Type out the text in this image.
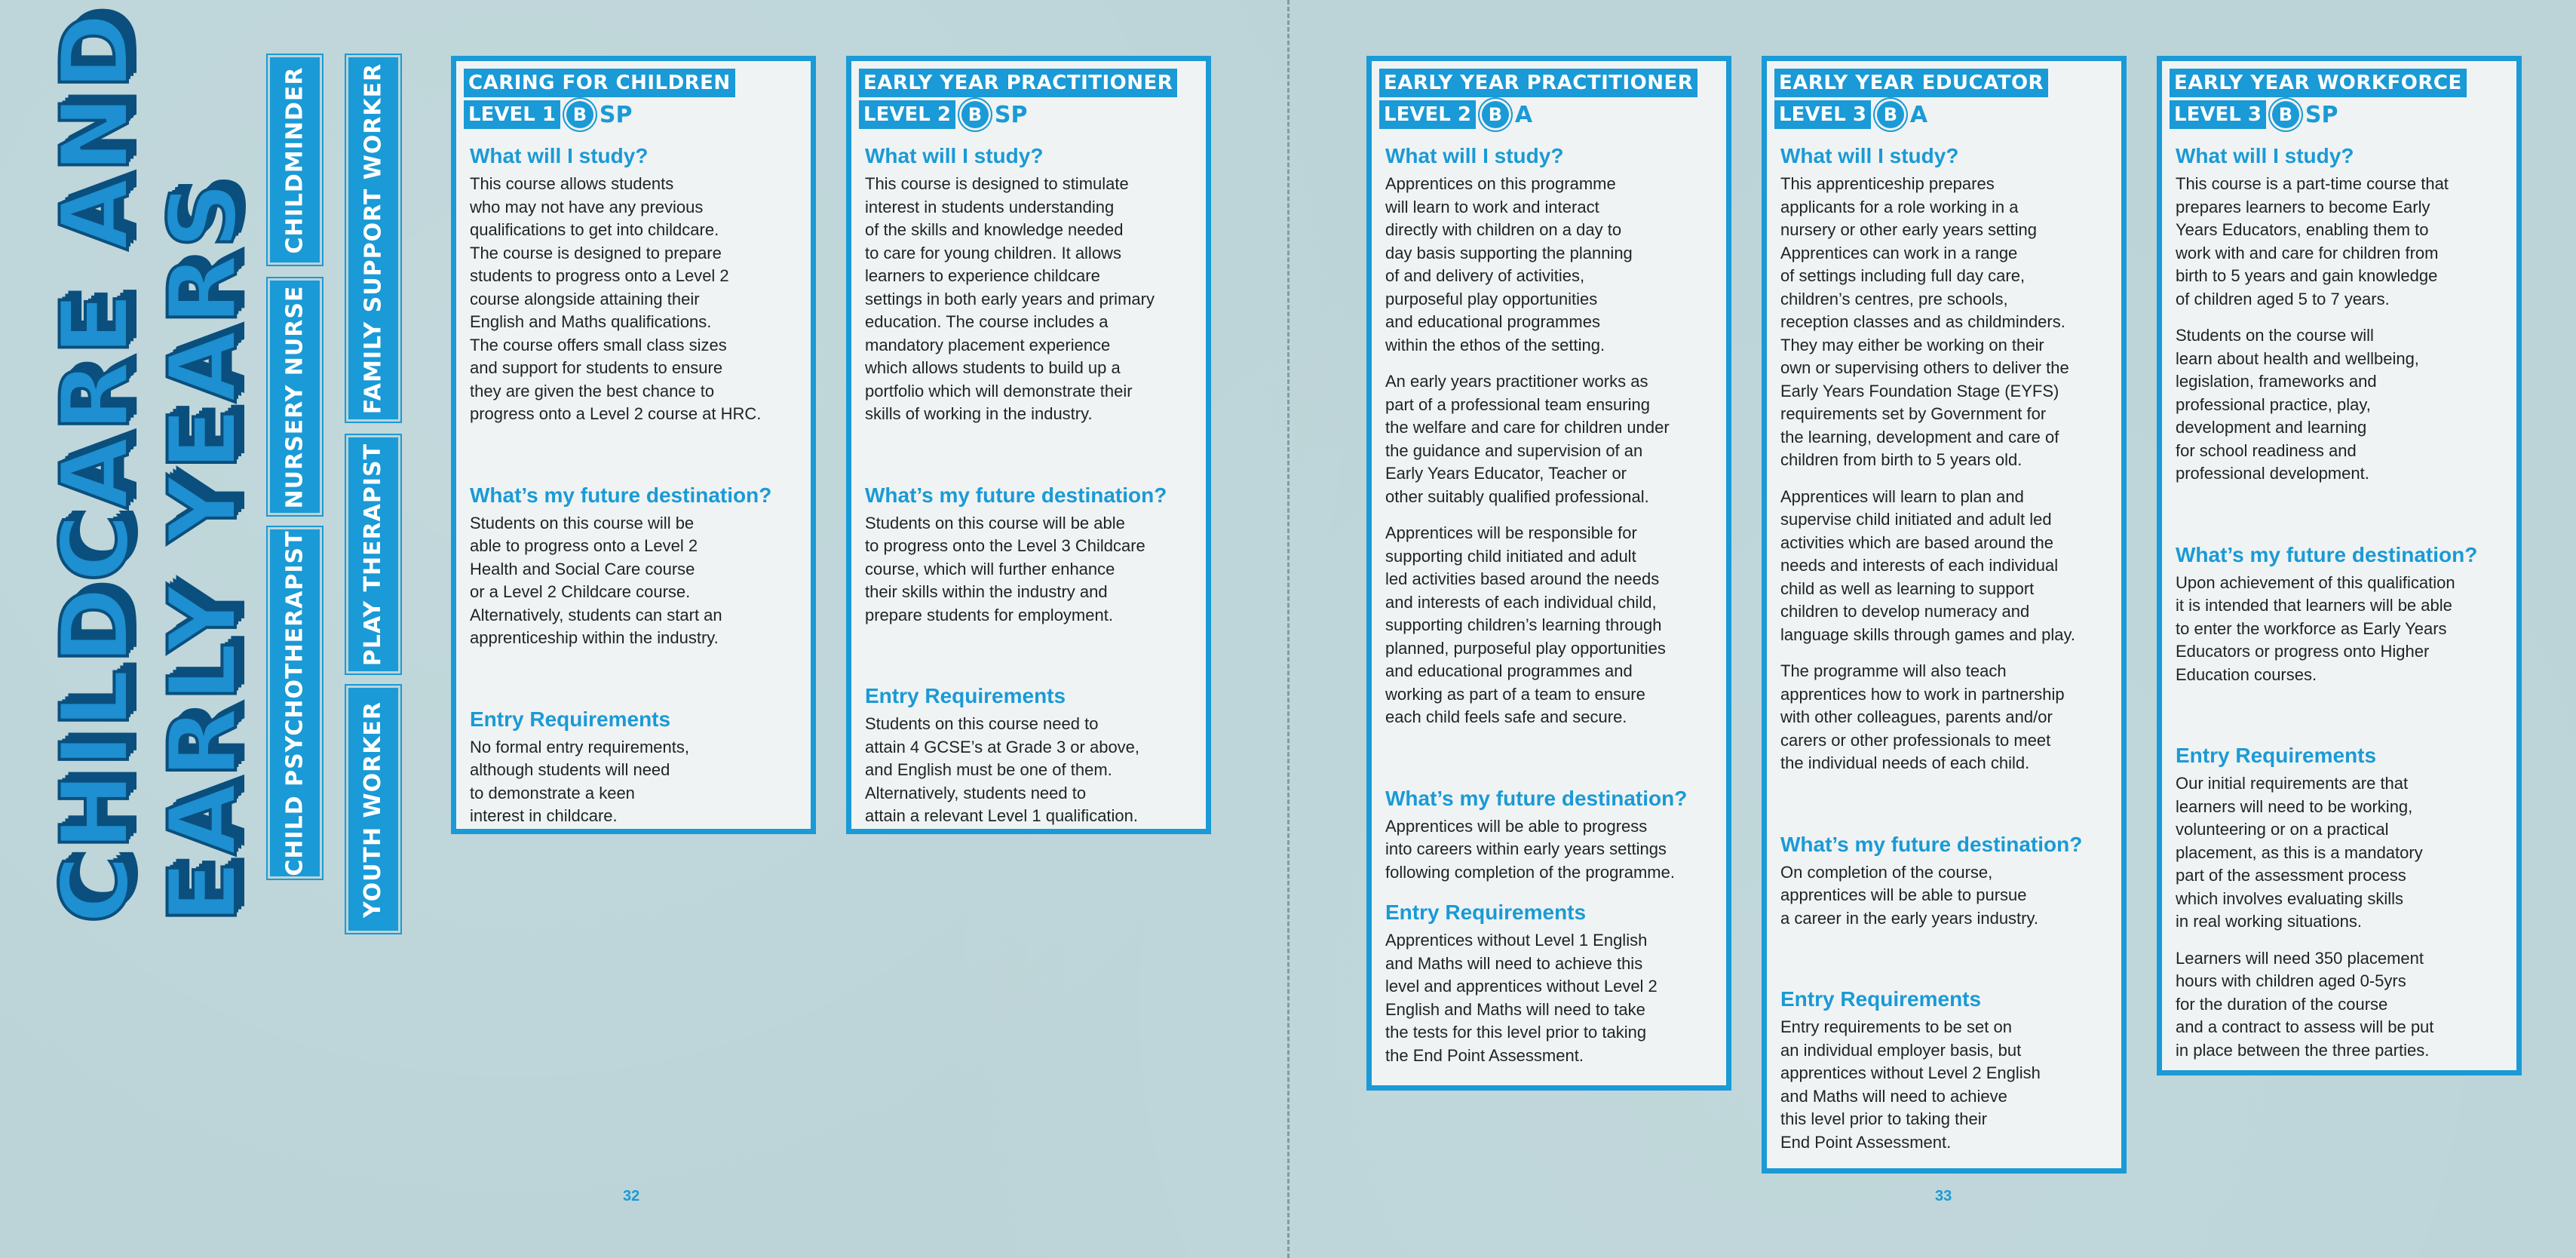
CHILDCARE AND EARLY YEARS
CHILDMINDER
NURSERY NURSE
CHILD PSYCHOTHERAPIST
FAMILY SUPPORT WORKER
PLAY THERAPIST
YOUTH WORKER
CARING FOR CHILDREN
LEVEL 1 B SP
What will I study?

This course allows students
who may not have any previous
qualifications to get into childcare.
The course is designed to prepare
students to progress onto a Level 2
course alongside attaining their
English and Maths qualifications.
The course offers small class sizes
and support for students to ensure
they are given the best chance to
progress onto a Level 2 course at HRC.

What’s my future destination?

Students on this course will be
able to progress onto a Level 2
Health and Social Care course
or a Level 2 Childcare course.
Alternatively, students can start an
apprenticeship within the industry.

Entry Requirements

No formal entry requirements,
although students will need
to demonstrate a keen
interest in childcare.

EARLY YEAR PRACTITIONER
LEVEL 2 B SP
What will I study?

This course is designed to stimulate
interest in students understanding
of the skills and knowledge needed
to care for young children. It allows
learners to experience childcare
settings in both early years and primary
education. The course includes a
mandatory placement experience
which allows students to build up a
portfolio which will demonstrate their
skills of working in the industry.

What’s my future destination?

Students on this course will be able
to progress onto the Level 3 Childcare
course, which will further enhance
their skills within the industry and
prepare students for employment.

Entry Requirements

Students on this course need to
attain 4 GCSE’s at Grade 3 or above,
and English must be one of them.
Alternatively, students need to
attain a relevant Level 1 qualification.

EARLY YEAR PRACTITIONER
LEVEL 2 B A
What will I study?

Apprentices on this programme
will learn to work and interact
directly with children on a day to
day basis supporting the planning
of and delivery of activities,
purposeful play opportunities
and educational programmes
within the ethos of the setting.

An early years practitioner works as
part of a professional team ensuring
the welfare and care for children under
the guidance and supervision of an
Early Years Educator, Teacher or
other suitably qualified professional.

Apprentices will be responsible for
supporting child initiated and adult
led activities based around the needs
and interests of each individual child,
supporting children’s learning through
planned, purposeful play opportunities
and educational programmes and
working as part of a team to ensure
each child feels safe and secure.

What’s my future destination?

Apprentices will be able to progress
into careers within early years settings
following completion of the programme.

Entry Requirements

Apprentices without Level 1 English
and Maths will need to achieve this
level and apprentices without Level 2
English and Maths will need to take
the tests for this level prior to taking
the End Point Assessment.

EARLY YEAR EDUCATOR
LEVEL 3 B A
What will I study?

This apprenticeship prepares
applicants for a role working in a
nursery or other early years setting
Apprentices can work in a range
of settings including full day care,
children’s centres, pre schools,
reception classes and as childminders.
They may either be working on their
own or supervising others to deliver the
Early Years Foundation Stage (EYFS)
requirements set by Government for
the learning, development and care of
children from birth to 5 years old.

Apprentices will learn to plan and
supervise child initiated and adult led
activities which are based around the
needs and interests of each individual
child as well as learning to support
children to develop numeracy and
language skills through games and play.

The programme will also teach
apprentices how to work in partnership
with other colleagues, parents and/or
carers or other professionals to meet
the individual needs of each child.

What’s my future destination?

On completion of the course,
apprentices will be able to pursue
a career in the early years industry.

Entry Requirements

Entry requirements to be set on
an individual employer basis, but
apprentices without Level 2 English
and Maths will need to achieve
this level prior to taking their
End Point Assessment.

EARLY YEAR WORKFORCE
LEVEL 3 B SP
What will I study?

This course is a part-time course that
prepares learners to become Early
Years Educators, enabling them to
work with and care for children from
birth to 5 years and gain knowledge
of children aged 5 to 7 years.

Students on the course will
learn about health and wellbeing,
legislation, frameworks and
professional practice, play,
development and learning
for school readiness and
professional development.

What’s my future destination?

Upon achievement of this qualification
it is intended that learners will be able
to enter the workforce as Early Years
Educators or progress onto Higher
Education courses.

Entry Requirements

Our initial requirements are that
learners will need to be working,
volunteering or on a practical
placement, as this is a mandatory
part of the assessment process
which involves evaluating skills
in real working situations.

Learners will need 350 placement
hours with children aged 0-5yrs
for the duration of the course
and a contract to assess will be put
in place between the three parties.

32	33
